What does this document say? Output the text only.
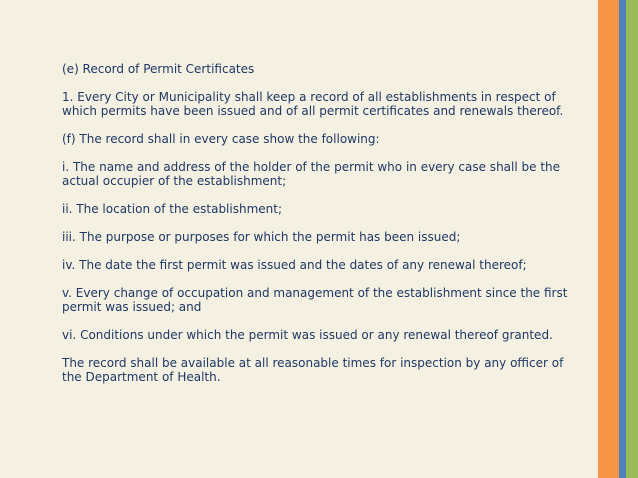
(e) Record of Permit Certificates

1. Every City or Municipality shall keep a record of all establishments in respect of which permits have been issued and of all permit certificates and renewals thereof.

(f) The record shall in every case show the following:

i. The name and address of the holder of the permit who in every case shall be the actual occupier of the establishment;

ii. The location of the establishment;

iii. The purpose or purposes for which the permit has been issued;

iv. The date the first permit was issued and the dates of any renewal thereof;

v. Every change of occupation and management of the establishment since the first permit was issued; and

vi. Conditions under which the permit was issued or any renewal thereof granted.

The record shall be available at all reasonable times for inspection by any officer of the Department of Health.
